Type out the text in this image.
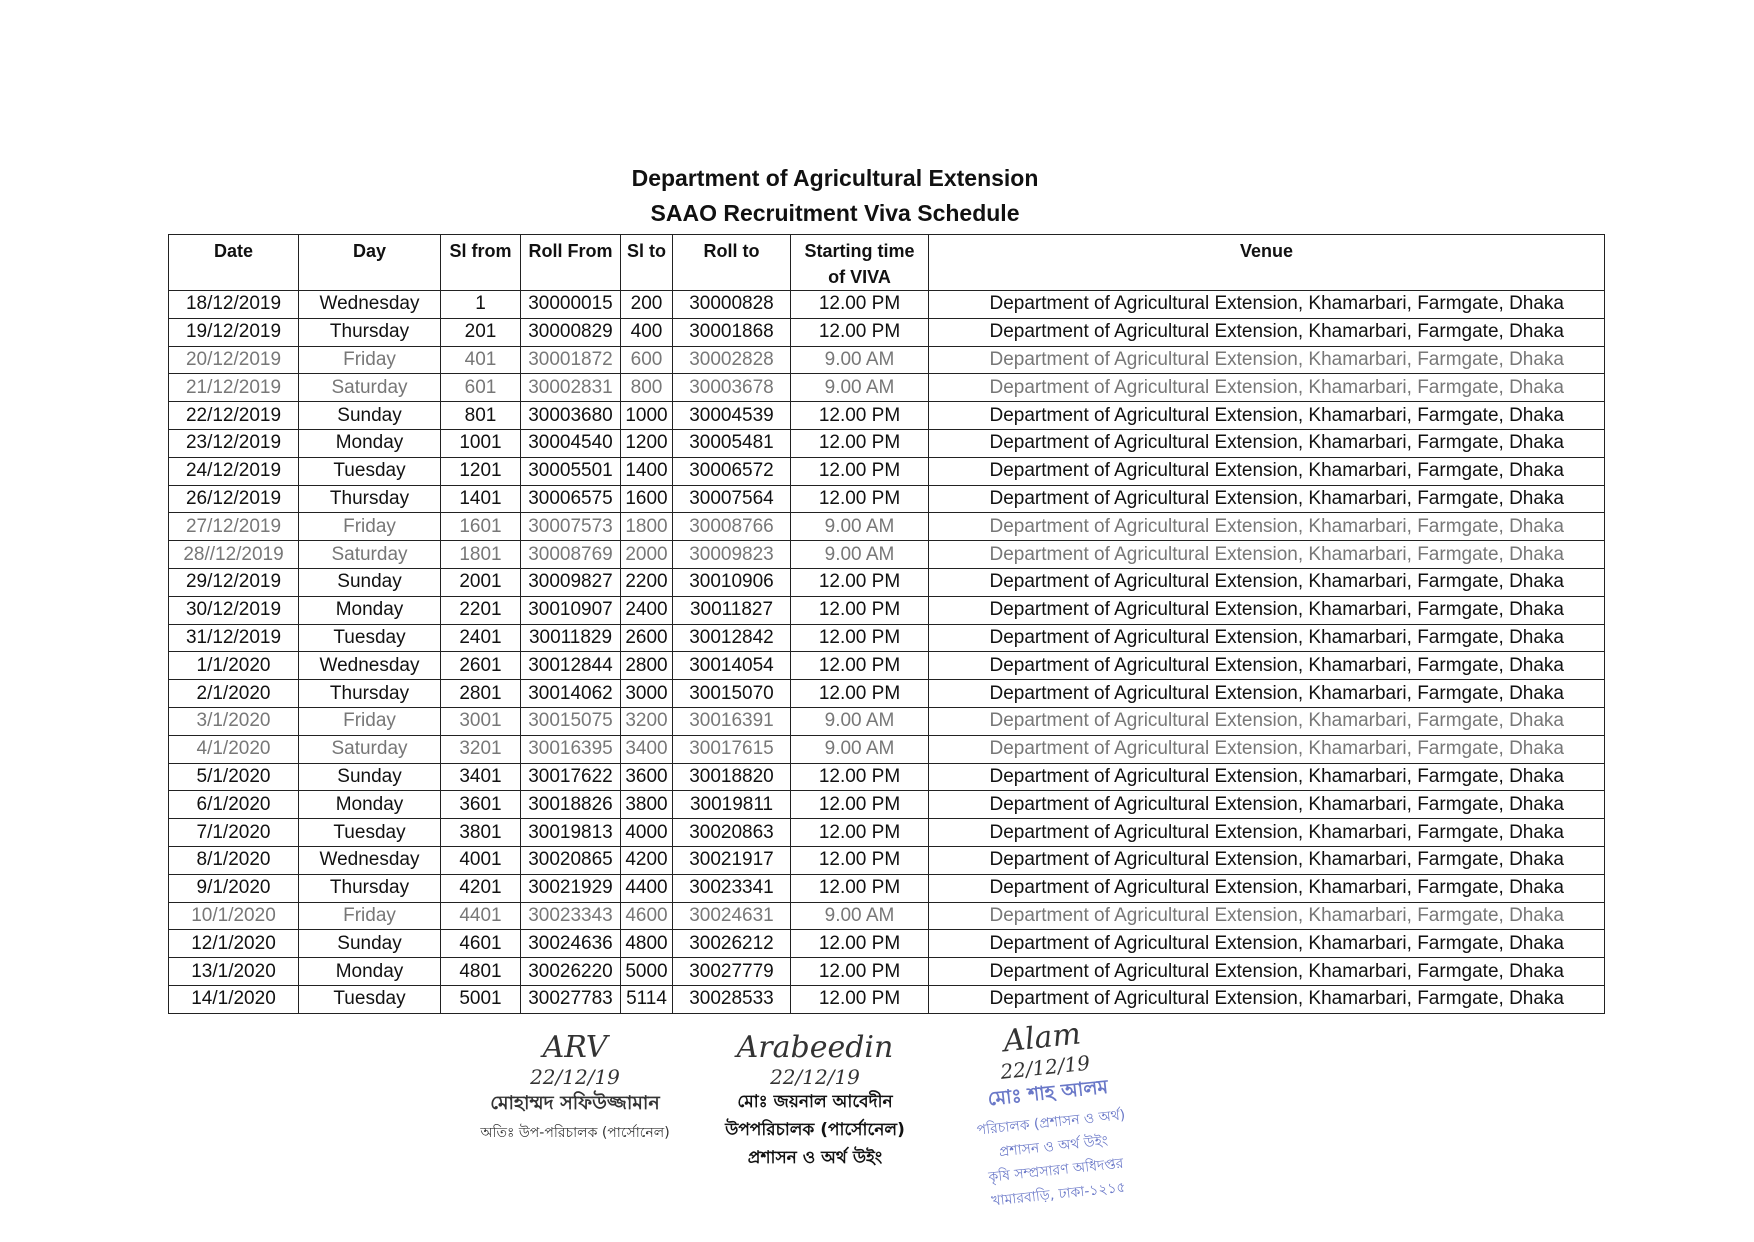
Department of Agricultural Extension
SAAO Recruitment Viva Schedule
Date	Day	Sl from	Roll From	Sl to	Roll to	Starting time of VIVA	Venue
18/12/2019	Wednesday	1	30000015	200	30000828	12.00 PM	Department of Agricultural Extension, Khamarbari, Farmgate, Dhaka
19/12/2019	Thursday	201	30000829	400	30001868	12.00 PM	Department of Agricultural Extension, Khamarbari, Farmgate, Dhaka
20/12/2019	Friday	401	30001872	600	30002828	9.00 AM	Department of Agricultural Extension, Khamarbari, Farmgate, Dhaka
21/12/2019	Saturday	601	30002831	800	30003678	9.00 AM	Department of Agricultural Extension, Khamarbari, Farmgate, Dhaka
22/12/2019	Sunday	801	30003680	1000	30004539	12.00 PM	Department of Agricultural Extension, Khamarbari, Farmgate, Dhaka
23/12/2019	Monday	1001	30004540	1200	30005481	12.00 PM	Department of Agricultural Extension, Khamarbari, Farmgate, Dhaka
24/12/2019	Tuesday	1201	30005501	1400	30006572	12.00 PM	Department of Agricultural Extension, Khamarbari, Farmgate, Dhaka
26/12/2019	Thursday	1401	30006575	1600	30007564	12.00 PM	Department of Agricultural Extension, Khamarbari, Farmgate, Dhaka
27/12/2019	Friday	1601	30007573	1800	30008766	9.00 AM	Department of Agricultural Extension, Khamarbari, Farmgate, Dhaka
28//12/2019	Saturday	1801	30008769	2000	30009823	9.00 AM	Department of Agricultural Extension, Khamarbari, Farmgate, Dhaka
29/12/2019	Sunday	2001	30009827	2200	30010906	12.00 PM	Department of Agricultural Extension, Khamarbari, Farmgate, Dhaka
30/12/2019	Monday	2201	30010907	2400	30011827	12.00 PM	Department of Agricultural Extension, Khamarbari, Farmgate, Dhaka
31/12/2019	Tuesday	2401	30011829	2600	30012842	12.00 PM	Department of Agricultural Extension, Khamarbari, Farmgate, Dhaka
1/1/2020	Wednesday	2601	30012844	2800	30014054	12.00 PM	Department of Agricultural Extension, Khamarbari, Farmgate, Dhaka
2/1/2020	Thursday	2801	30014062	3000	30015070	12.00 PM	Department of Agricultural Extension, Khamarbari, Farmgate, Dhaka
3/1/2020	Friday	3001	30015075	3200	30016391	9.00 AM	Department of Agricultural Extension, Khamarbari, Farmgate, Dhaka
4/1/2020	Saturday	3201	30016395	3400	30017615	9.00 AM	Department of Agricultural Extension, Khamarbari, Farmgate, Dhaka
5/1/2020	Sunday	3401	30017622	3600	30018820	12.00 PM	Department of Agricultural Extension, Khamarbari, Farmgate, Dhaka
6/1/2020	Monday	3601	30018826	3800	30019811	12.00 PM	Department of Agricultural Extension, Khamarbari, Farmgate, Dhaka
7/1/2020	Tuesday	3801	30019813	4000	30020863	12.00 PM	Department of Agricultural Extension, Khamarbari, Farmgate, Dhaka
8/1/2020	Wednesday	4001	30020865	4200	30021917	12.00 PM	Department of Agricultural Extension, Khamarbari, Farmgate, Dhaka
9/1/2020	Thursday	4201	30021929	4400	30023341	12.00 PM	Department of Agricultural Extension, Khamarbari, Farmgate, Dhaka
10/1/2020	Friday	4401	30023343	4600	30024631	9.00 AM	Department of Agricultural Extension, Khamarbari, Farmgate, Dhaka
12/1/2020	Sunday	4601	30024636	4800	30026212	12.00 PM	Department of Agricultural Extension, Khamarbari, Farmgate, Dhaka
13/1/2020	Monday	4801	30026220	5000	30027779	12.00 PM	Department of Agricultural Extension, Khamarbari, Farmgate, Dhaka
14/1/2020	Tuesday	5001	30027783	5114	30028533	12.00 PM	Department of Agricultural Extension, Khamarbari, Farmgate, Dhaka
ARV
22/12/19
মোহাম্মদ সফিউজ্জামান
অতিঃ উপ-পরিচালক (পার্সোনেল)
Arabeedin
22/12/19
মোঃ জয়নাল আবেদীন
উপপরিচালক (পার্সোনেল)
প্রশাসন ও অর্থ উইং
Alam
22/12/19
মোঃ শাহ আলম
পরিচালক (প্রশাসন ও অর্থ)
প্রশাসন ও অর্থ উইং
কৃষি সম্প্রসারণ অধিদপ্তর
খামারবাড়ি, ঢাকা-১২১৫
